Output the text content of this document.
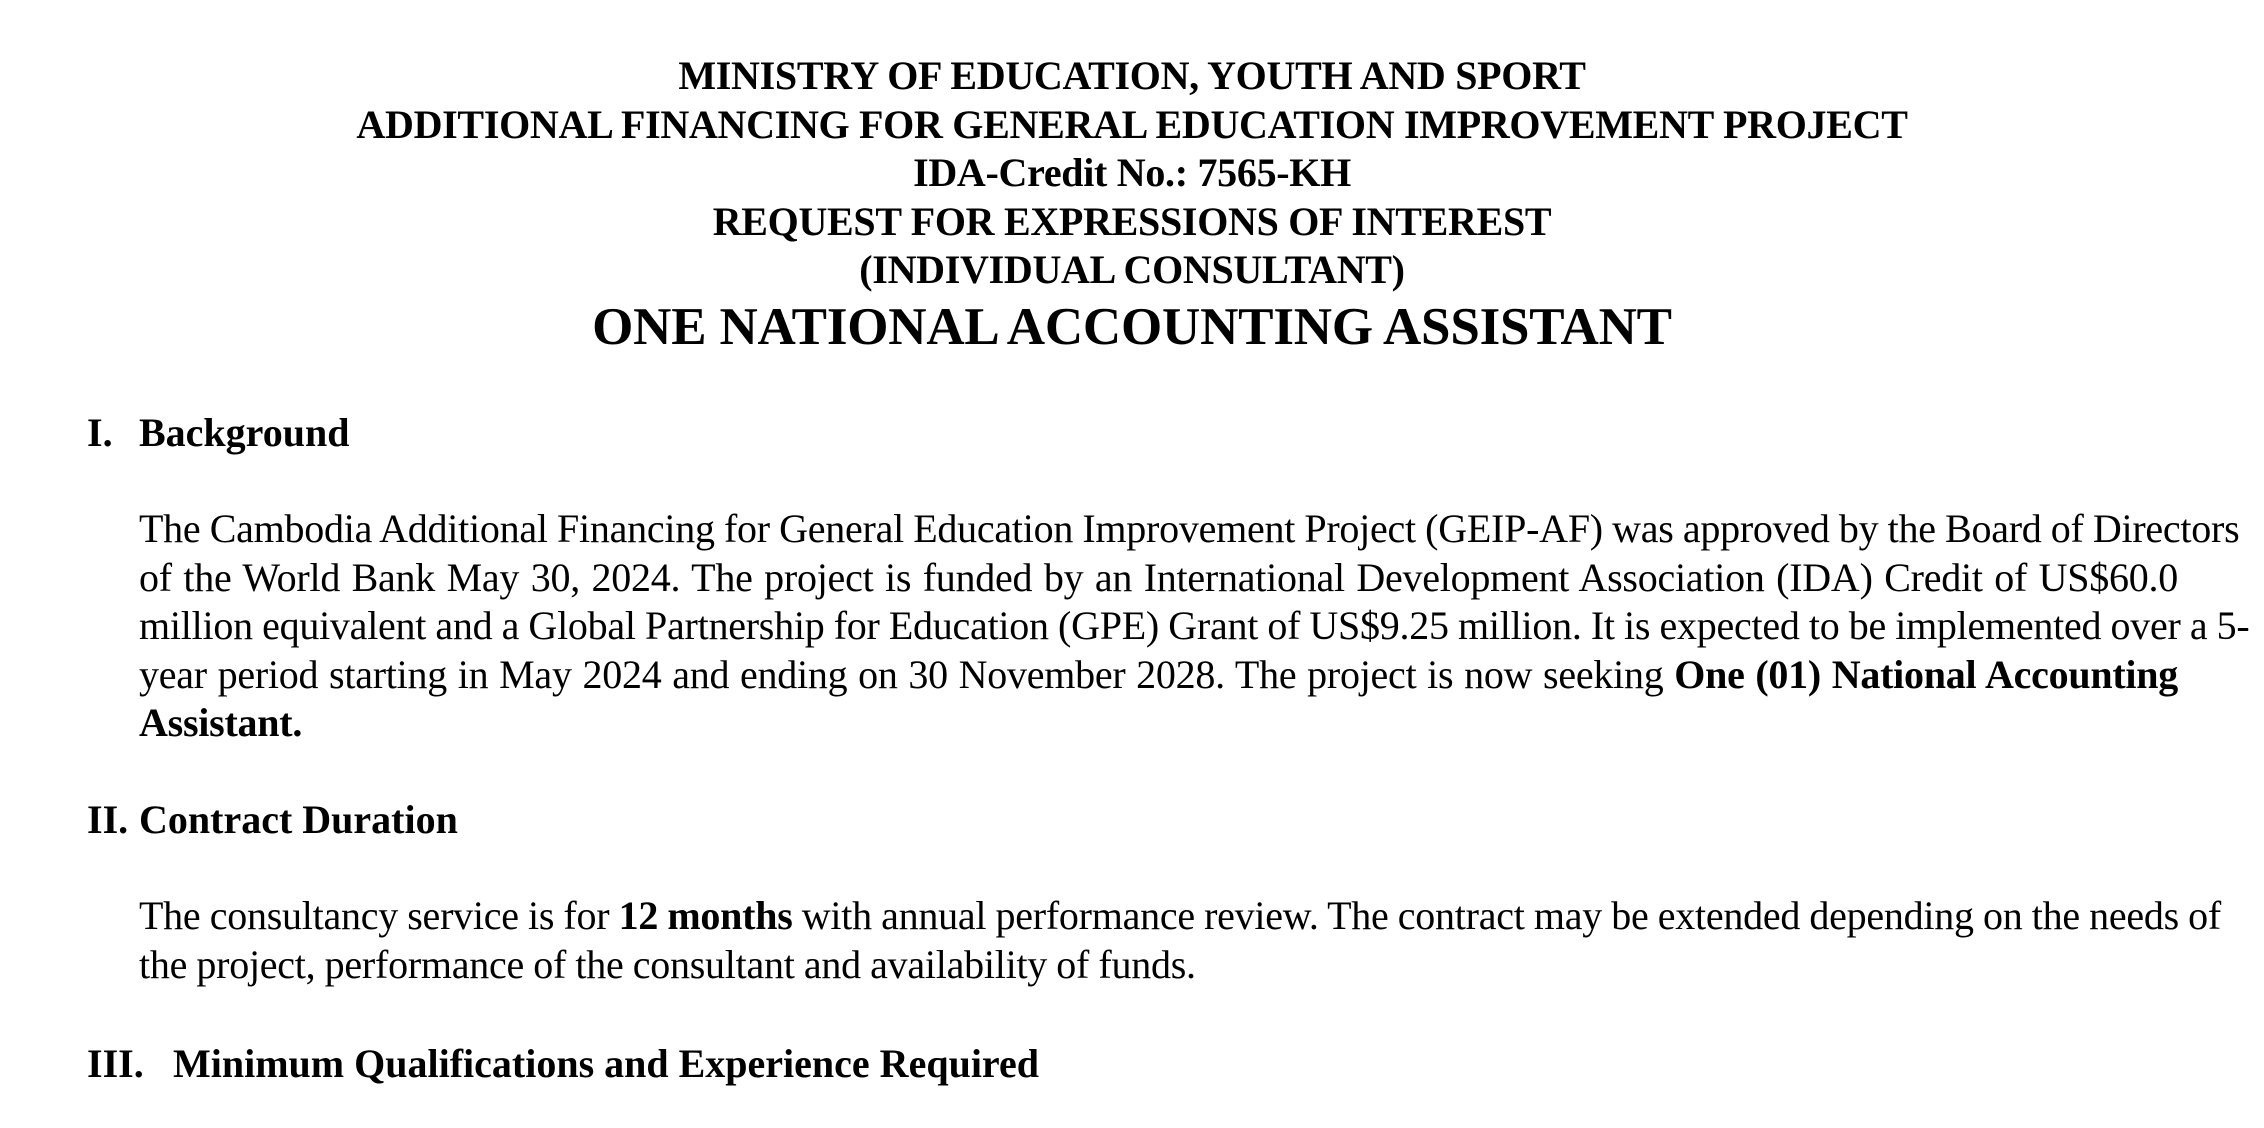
MINISTRY OF EDUCATION, YOUTH AND SPORT
ADDITIONAL FINANCING FOR GENERAL EDUCATION IMPROVEMENT PROJECT
IDA-Credit No.: 7565-KH
REQUEST FOR EXPRESSIONS OF INTEREST
(INDIVIDUAL CONSULTANT)
ONE NATIONAL ACCOUNTING ASSISTANT
I. Background
The Cambodia Additional Financing for General Education Improvement Project (GEIP-AF) was approved by the Board of Directors
of the World Bank May 30, 2024. The project is funded by an International Development Association (IDA) Credit of US$60.0
million equivalent and a Global Partnership for Education (GPE) Grant of US$9.25 million. It is expected to be implemented over a 5-
year period starting in May 2024 and ending on 30 November 2028. The project is now seeking One (01) National Accounting
Assistant.
II. Contract Duration
The consultancy service is for 12 months with annual performance review. The contract may be extended depending on the needs of
the project, performance of the consultant and availability of funds.
III. Minimum Qualifications and Experience Required
